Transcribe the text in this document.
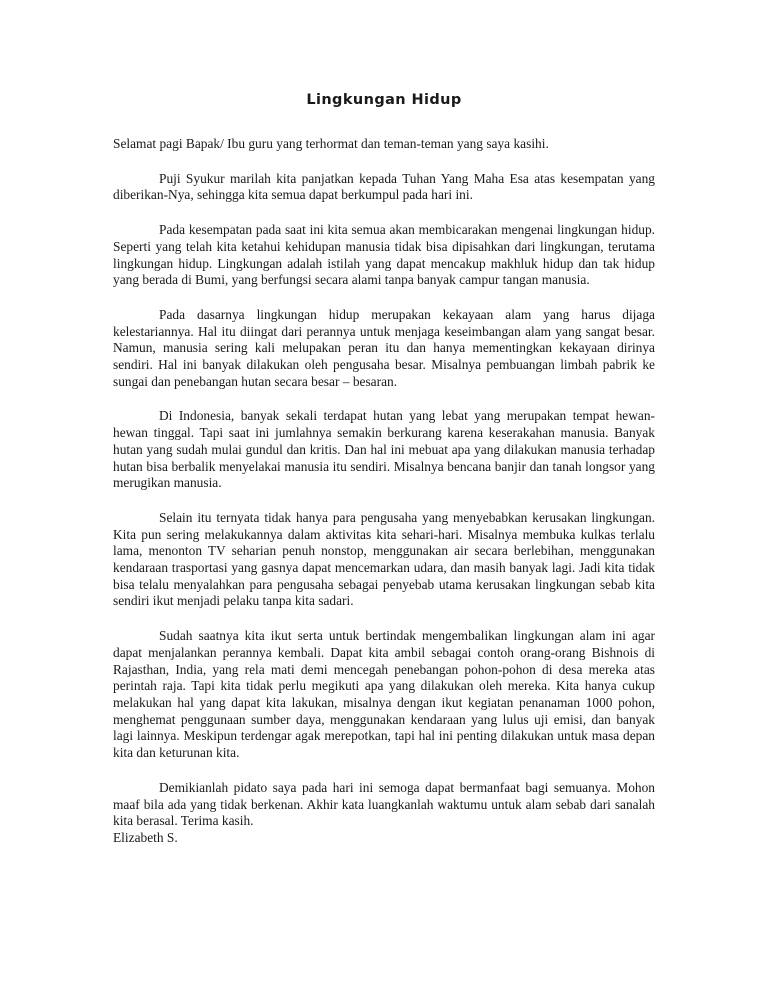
Lingkungan Hidup

Selamat pagi Bapak/ Ibu guru yang terhormat dan teman-teman yang saya kasihi.

Puji Syukur marilah kita panjatkan kepada Tuhan Yang Maha Esa atas kesempatan yang diberikan-Nya, sehingga kita semua dapat berkumpul pada hari ini.

Pada kesempatan pada saat ini kita semua akan membicarakan mengenai lingkungan hidup. Seperti yang telah kita ketahui kehidupan manusia tidak bisa dipisahkan dari lingkungan, terutama lingkungan hidup. Lingkungan adalah istilah yang dapat mencakup makhluk hidup dan tak hidup yang berada di Bumi, yang berfungsi secara alami tanpa banyak campur tangan manusia.

Pada dasarnya lingkungan hidup merupakan kekayaan alam yang harus dijaga kelestariannya. Hal itu diingat dari perannya untuk menjaga keseimbangan alam yang sangat besar. Namun, manusia sering kali melupakan peran itu dan hanya mementingkan kekayaan dirinya sendiri. Hal ini banyak dilakukan oleh pengusaha besar. Misalnya pembuangan limbah pabrik ke sungai dan penebangan hutan secara besar – besaran.

Di Indonesia, banyak sekali terdapat hutan yang lebat yang merupakan tempat hewan-hewan tinggal. Tapi saat ini jumlahnya semakin berkurang karena keserakahan manusia. Banyak hutan yang sudah mulai gundul dan kritis. Dan hal ini mebuat apa yang dilakukan manusia terhadap hutan bisa berbalik menyelakai manusia itu sendiri. Misalnya bencana banjir dan tanah longsor yang merugikan manusia.

Selain itu ternyata tidak hanya para pengusaha yang menyebabkan kerusakan lingkungan. Kita pun sering melakukannya dalam aktivitas kita sehari-hari. Misalnya membuka kulkas terlalu lama, menonton TV seharian penuh nonstop, menggunakan air secara berlebihan, menggunakan kendaraan trasportasi yang gasnya dapat mencemarkan udara, dan masih banyak lagi. Jadi kita tidak bisa telalu menyalahkan para pengusaha sebagai penyebab utama kerusakan lingkungan sebab kita sendiri ikut menjadi pelaku tanpa kita sadari.

Sudah saatnya kita ikut serta untuk bertindak mengembalikan lingkungan alam ini agar dapat menjalankan perannya kembali. Dapat kita ambil sebagai contoh orang-orang Bishnois di Rajasthan, India, yang rela mati demi mencegah penebangan pohon-pohon di desa mereka atas perintah raja. Tapi kita tidak perlu megikuti apa yang dilakukan oleh mereka. Kita hanya cukup melakukan hal yang dapat kita lakukan, misalnya dengan ikut kegiatan penanaman 1000 pohon, menghemat penggunaan sumber daya, menggunakan kendaraan yang lulus uji emisi, dan banyak lagi lainnya. Meskipun terdengar agak merepotkan, tapi hal ini penting dilakukan untuk masa depan kita dan keturunan kita.

Demikianlah pidato saya pada hari ini semoga dapat bermanfaat bagi semuanya. Mohon maaf bila ada yang tidak berkenan. Akhir kata luangkanlah waktumu untuk alam sebab dari sanalah kita berasal. Terima kasih.

Elizabeth S.
